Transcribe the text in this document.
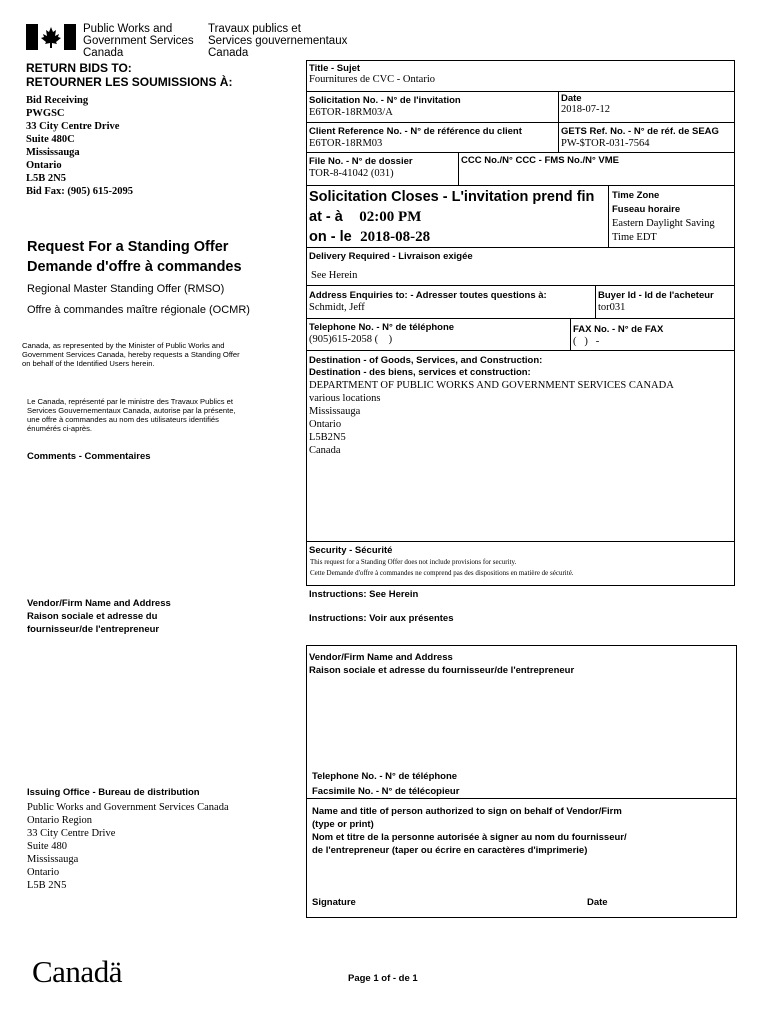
Public Works and
Government Services
Canada
Travaux publics et
Services gouvernementaux
Canada
RETURN BIDS TO:
RETOURNER LES SOUMISSIONS À:
Bid Receiving
PWGSC
33 City Centre Drive
Suite 480C
Mississauga
Ontario
L5B 2N5
Bid Fax: (905) 615-2095
Request For a Standing Offer
Demande d'offre à commandes
Regional Master Standing Offer (RMSO)
Offre à commandes maître régionale (OCMR)
Canada, as represented by the Minister of Public Works and
Government Services Canada, hereby requests a Standing Offer
on behalf of the Identified Users herein.
Le Canada, représenté par le ministre des Travaux Publics et
Services Gouvernementaux Canada, autorise par la présente,
une offre à commandes au nom des utilisateurs identifiés
énumérés ci-après.
Comments - Commentaires
Vendor/Firm Name and Address
Raison sociale et adresse du
fournisseur/de l'entrepreneur
Issuing Office - Bureau de distribution
Public Works and Government Services Canada
Ontario Region
33 City Centre Drive
Suite 480
Mississauga
Ontario
L5B 2N5
Title - Sujet
Fournitures de CVC - Ontario
Solicitation No. - N° de l'invitation
E6TOR-18RM03/A
Date
2018-07-12
Client Reference No. - N° de référence du client
E6TOR-18RM03
GETS Ref. No. - N° de réf. de SEAG
PW-$TOR-031-7564
File No. - N° de dossier
TOR-8-41042 (031)
CCC No./N° CCC - FMS No./N° VME
Solicitation Closes - L'invitation prend fin
at - à 02:00 PM
on - le 2018-08-28
Time Zone
Fuseau horaire
Eastern Daylight Saving
Time EDT
Delivery Required - Livraison exigée
See Herein
Address Enquiries to: - Adresser toutes questions à:
Schmidt, Jeff
Buyer Id - Id de l'acheteur
tor031
Telephone No. - N° de téléphone
(905)615-2058 (    )
FAX No. - N° de FAX
(   )   -
Destination - of Goods, Services, and Construction:
Destination - des biens, services et construction:
DEPARTMENT OF PUBLIC WORKS AND GOVERNMENT SERVICES CANADA
various locations
Mississauga
Ontario
L5B2N5
Canada
Security - Sécurité
This request for a Standing Offer does not include provisions for security.
Cette Demande d'offre à commandes ne comprend pas des dispositions en matière de sécurité.
Instructions: See Herein
Instructions: Voir aux présentes
Vendor/Firm Name and Address
Raison sociale et adresse du fournisseur/de l'entrepreneur
Telephone No. - N° de téléphone
Facsimile No. - N° de télécopieur
Name and title of person authorized to sign on behalf of Vendor/Firm
(type or print)
Nom et titre de la personne autorisée à signer au nom du fournisseur/
de l'entrepreneur (taper ou écrire en caractères d'imprimerie)
Signature	Date
Canadä	Page 1 of - de 1
